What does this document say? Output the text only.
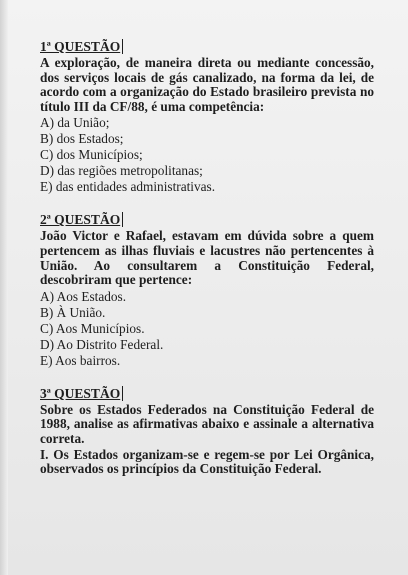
1ª QUESTÃO
A exploração, de maneira direta ou mediante concessão, dos serviços locais de gás canalizado, na forma da lei, de acordo com a organização do Estado brasileiro prevista no título III da CF/88, é uma competência:
A) da União;
B) dos Estados;
C) dos Municípios;
D) das regiões metropolitanas;
E) das entidades administrativas.
2ª QUESTÃO
João Victor e Rafael, estavam em dúvida sobre a quem pertencem as ilhas fluviais e lacustres não pertencentes à União. Ao consultarem a Constituição Federal, descobriram que pertence:
A) Aos Estados.
B) À União.
C) Aos Municípios.
D) Ao Distrito Federal.
E) Aos bairros.
3ª QUESTÃO
Sobre os Estados Federados na Constituição Federal de 1988, analise as afirmativas abaixo e assinale a alternativa correta.
I. Os Estados organizam-se e regem-se por Lei Orgânica, observados os princípios da Constituição Federal.
